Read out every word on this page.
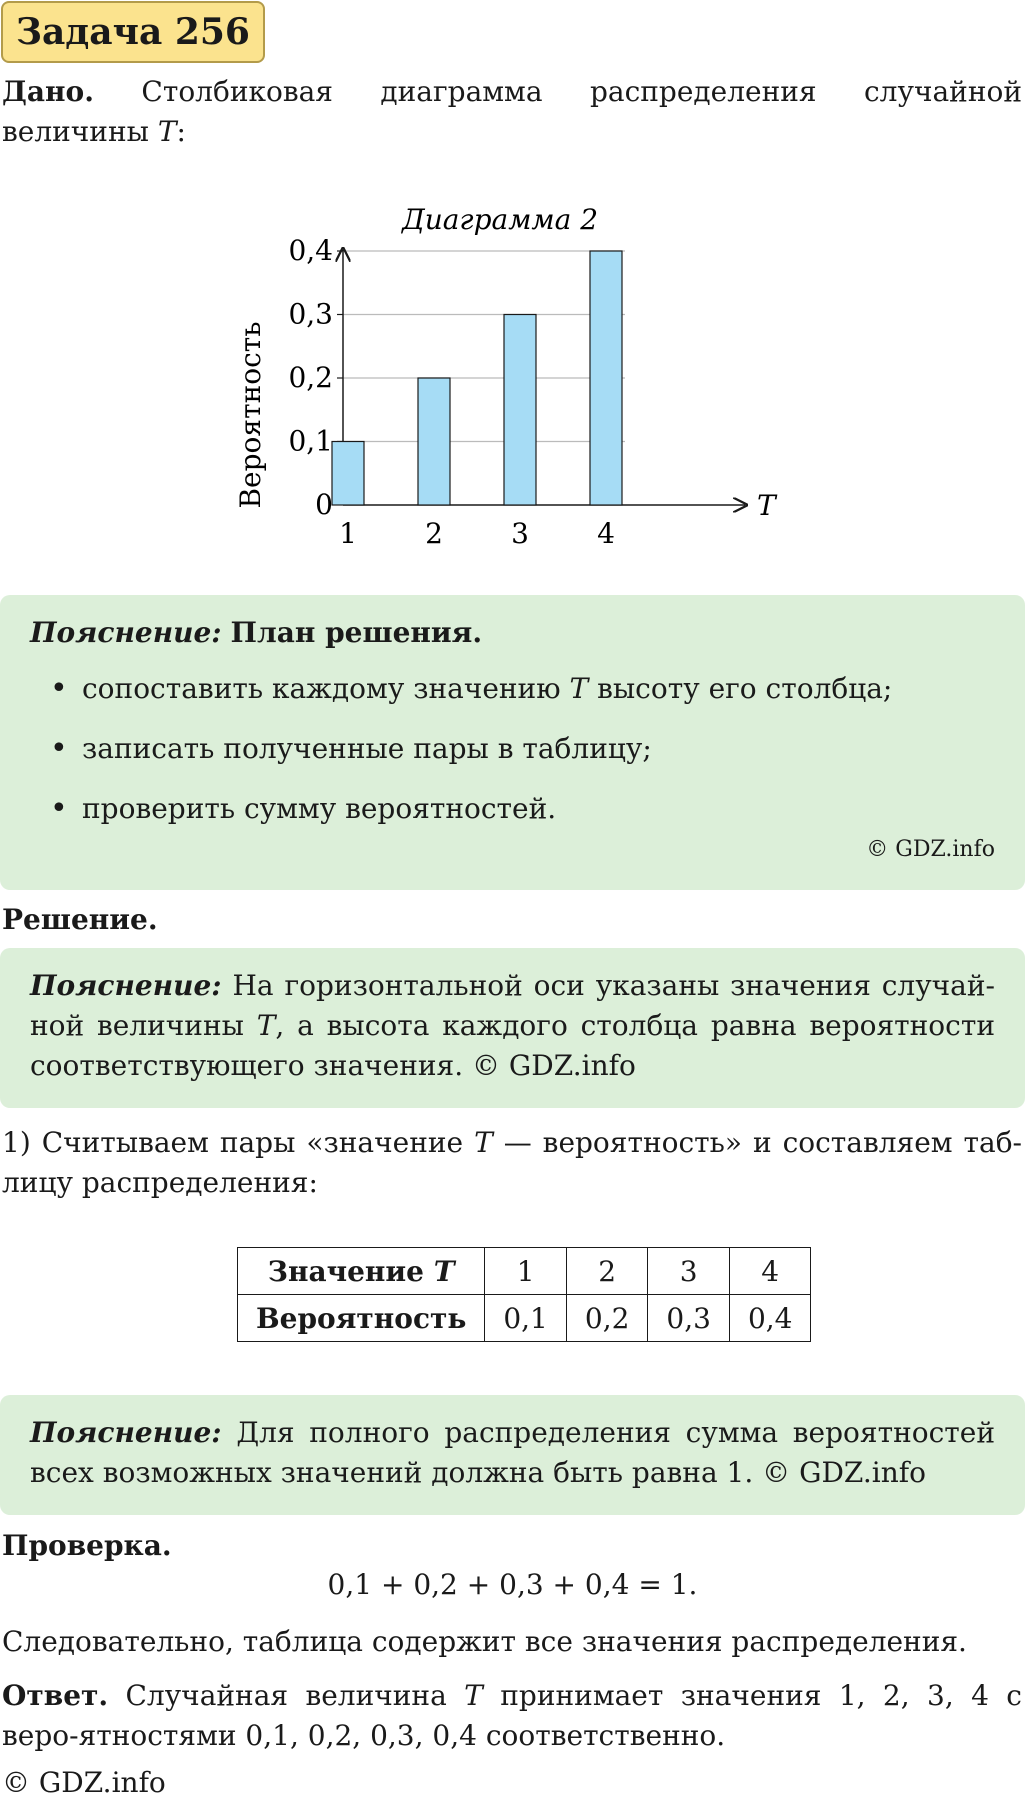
Задача 256

Дано. Столбиковая диаграмма распределения случайной величины T:

Диаграмма 2
0
0,1
0,2
0,3
0,4
1 2 3 4
Вероятность	T

Пояснение: План решения.

• сопоставить каждому значению T высоту его столбца;
• записать полученные пары в таблицу;
• проверить сумму вероятностей.
© GDZ.info

Решение.

Пояснение: На горизонтальной оси указаны значения случай-ной величины T, а высота каждого столбца равна вероятности соответствующего значения. © GDZ.info

1) Считываем пары «значение T — вероятность» и составляем таб-лицу распределения:

Значение T	1	2	3	4
Вероятность	0,1	0,2	0,3	0,4

Пояснение: Для полного распределения сумма вероятностей всех возможных значений должна быть равна 1. © GDZ.info

Проверка.

0,1 + 0,2 + 0,3 + 0,4 = 1.

Следовательно, таблица содержит все значения распределения.

Ответ. Случайная величина T принимает значения 1, 2, 3, 4 с веро-ятностями 0,1, 0,2, 0,3, 0,4 соответственно.

© GDZ.info
